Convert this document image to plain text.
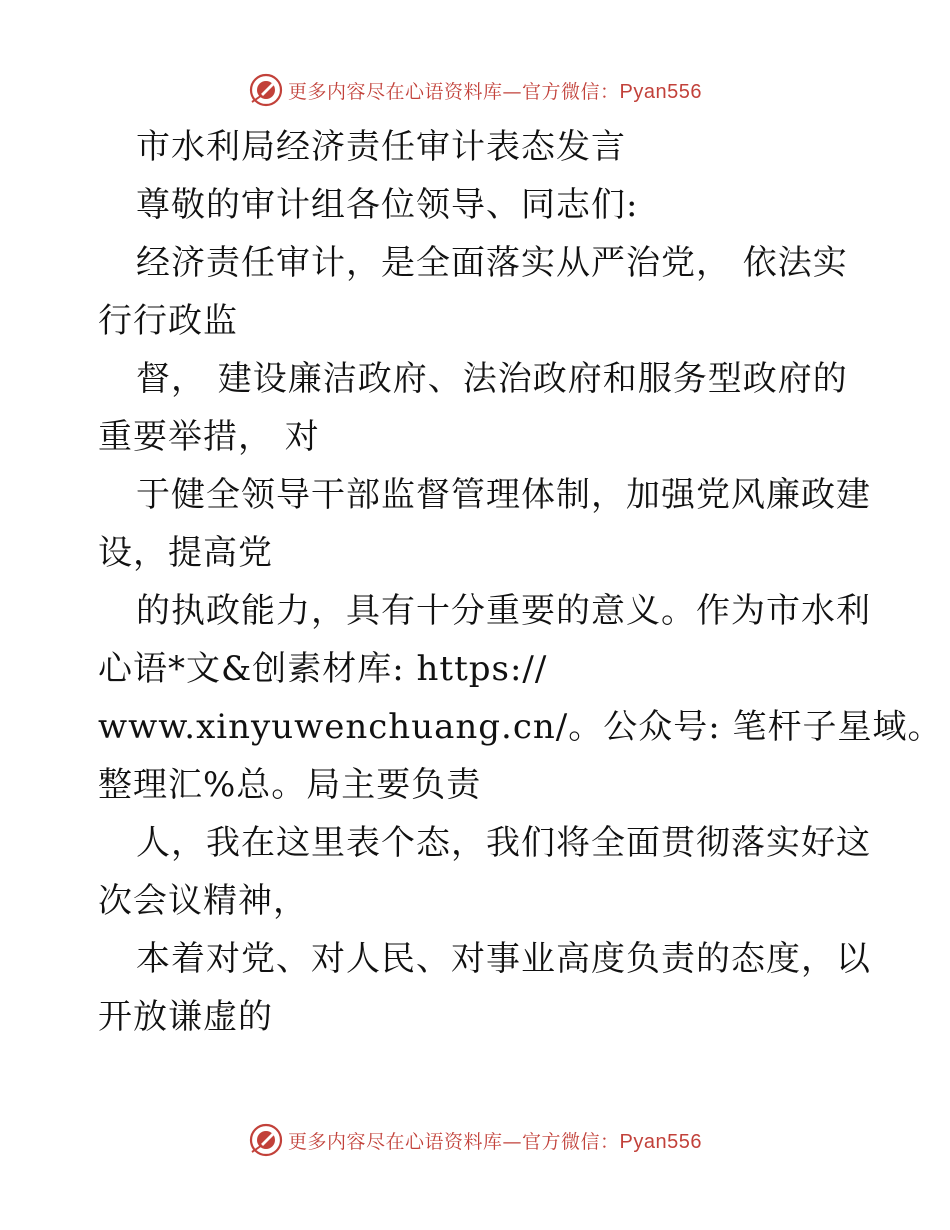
更多内容尽在心语资料库—官方微信：Pyan556
市水利局经济责任审计表态发言
尊敬的审计组各位领导、同志们:
经济责任审计，是全面落实从严治党， 依法实
行行政监
督， 建设廉洁政府、法治政府和服务型政府的
重要举措， 对
于健全领导干部监督管理体制，加强党风廉政建
设，提高党
的执政能力，具有十分重要的意义。作为市水利
心语*文&创素材库: https://
www.xinyuwenchuang.cn/。公众号: 笔杆子星域。
整理汇%总。局主要负责
人，我在这里表个态，我们将全面贯彻落实好这
次会议精神，
本着对党、对人民、对事业高度负责的态度，以
开放谦虚的
更多内容尽在心语资料库—官方微信：Pyan556
